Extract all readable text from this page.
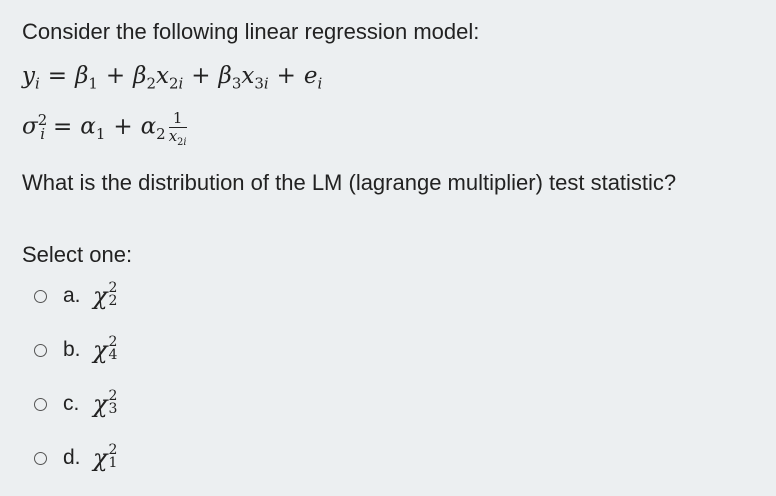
Consider the following linear regression model:
$y_i = \beta_1 + \beta_2x_{2i} + \beta_3x_{3i} + e_i$
$\sigma^2_i = \alpha_1 + \alpha_2 \frac{1}{x_{2i}}$
What is the distribution of the LM (lagrange multiplier) test statistic?
Select one:
a. χ 2
2
b. χ 2
4
c. χ 2
3
d. χ 2
1
